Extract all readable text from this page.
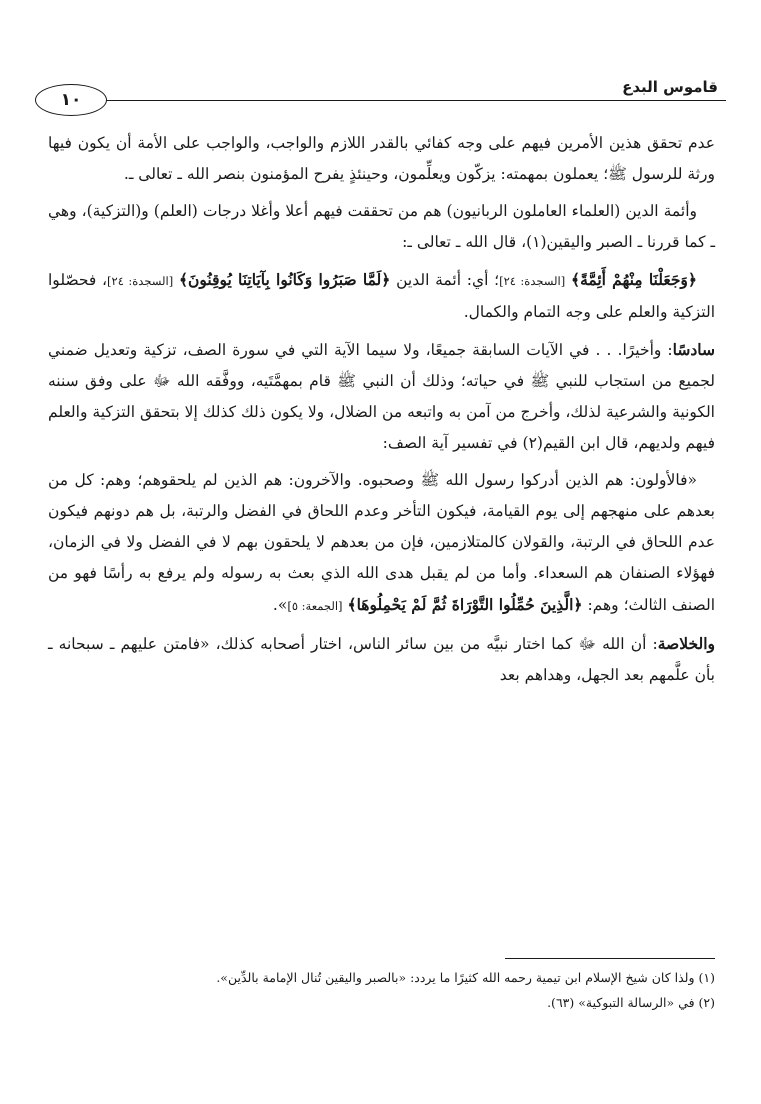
قاموس البدع
١٠

عدم تحقق هذين الأمرين فيهم على وجه كفائي بالقدر اللازم والواجب، والواجب على الأمة أن يكون فيها ورثة للرسول ﷺ؛ يعملون بمهمته: يزكّون ويعلِّمون، وحينئذٍ يفرح المؤمنون بنصر الله ـ تعالى ـ.

وأئمة الدين (العلماء العاملون الربانيون) هم من تحققت فيهم أعلا وأغلا درجات (العلم) و(التزكية)، وهي ـ كما قررنا ـ الصبر واليقين(١)، قال الله ـ تعالى ـ:

﴿وَجَعَلْنَا مِنْهُمْ أَئِمَّةً﴾ [السجدة: ٢٤]؛ أي: أئمة الدين ﴿لَمَّا صَبَرُوا وَكَانُوا بِآيَاتِنَا يُوقِنُونَ﴾ [السجدة: ٢٤]، فحصّلوا التزكية والعلم على وجه التمام والكمال.

سادسًا: وأخيرًا. . . في الآيات السابقة جميعًا، ولا سيما الآية التي في سورة الصف، تزكية وتعديل ضمني لجميع من استجاب للنبي ﷺ في حياته؛ وذلك أن النبي ﷺ قام بمهمَّتَيه، ووفَّقه الله ﷻ على وفق سننه الكونية والشرعية لذلك، وأخرج من آمن به واتبعه من الضلال، ولا يكون ذلك كذلك إلا بتحقق التزكية والعلم فيهم ولديهم، قال ابن القيم(٢) في تفسير آية الصف:

«فالأولون: هم الذين أدركوا رسول الله ﷺ وصحبوه. والآخرون: هم الذين لم يلحقوهم؛ وهم: كل من بعدهم على منهجهم إلى يوم القيامة، فيكون التأخر وعدم اللحاق في الفضل والرتبة، بل هم دونهم فيكون عدم اللحاق في الرتبة، والقولان كالمتلازمين، فإن من بعدهم لا يلحقون بهم لا في الفضل ولا في الزمان، فهؤلاء الصنفان هم السعداء. وأما من لم يقبل هدى الله الذي بعث به رسوله ولم يرفع به رأسًا فهو من الصنف الثالث؛ وهم: ﴿الَّذِينَ حُمِّلُوا التَّوْرَاةَ ثُمَّ لَمْ يَحْمِلُوهَا﴾ [الجمعة: ٥]».

والخلاصة: أن الله ﷻ كما اختار نبيَّه من بين سائر الناس، اختار أصحابه كذلك، «فامتن عليهم ـ سبحانه ـ بأن علَّمهم بعد الجهل، وهداهم بعد

(١) ولذا كان شيخ الإسلام ابن تيمية رحمه الله كثيرًا ما يردد: «بالصبر واليقين تُنال الإمامة بالدِّين».

(٢) في «الرسالة التبوكية» (٦٣).
